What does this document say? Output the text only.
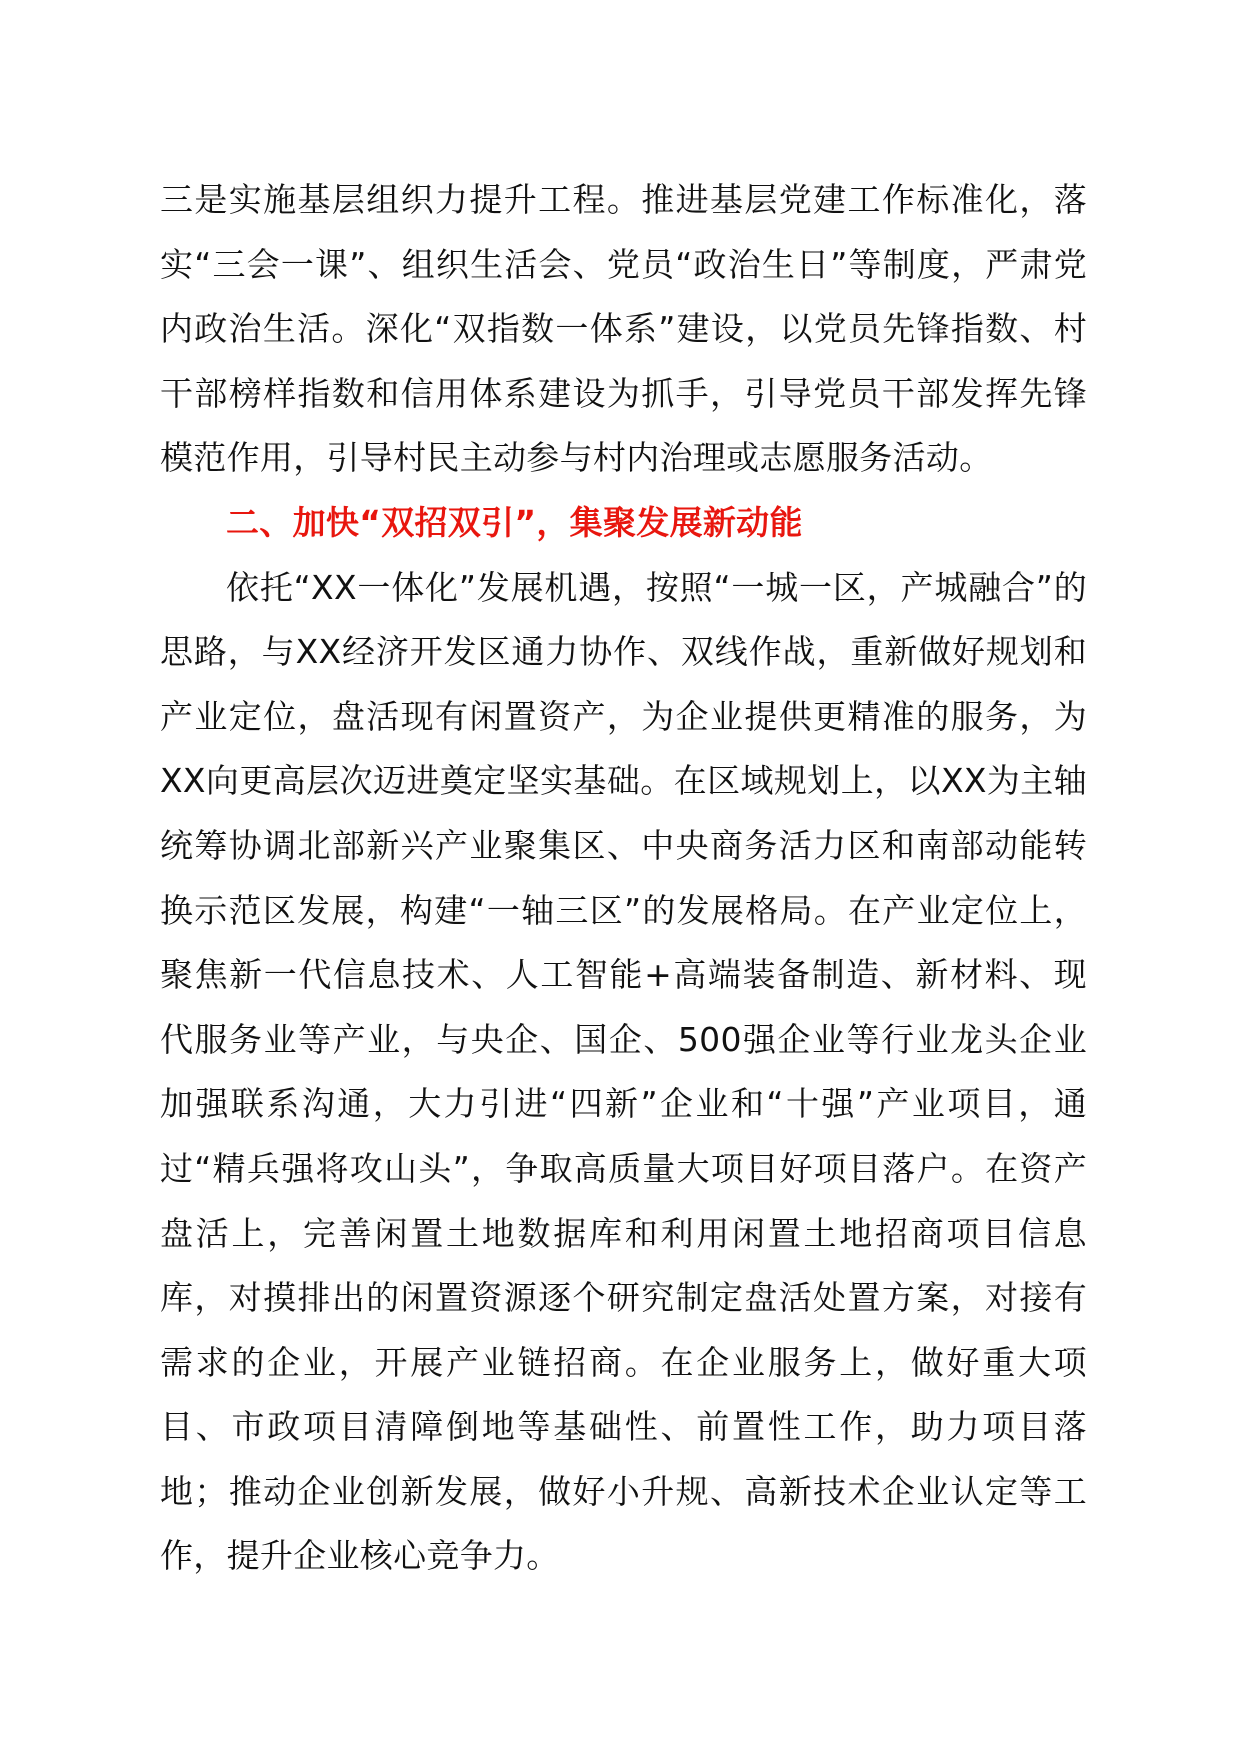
三是实施基层组织力提升工程。推进基层党建工作标准化，落实“三会一课”、组织生活会、党员“政治生日”等制度，严肃党内政治生活。深化“双指数一体系”建设，以党员先锋指数、村干部榜样指数和信用体系建设为抓手，引导党员干部发挥先锋模范作用，引导村民主动参与村内治理或志愿服务活动。

二、加快“双招双引”，集聚发展新动能

依托“XX一体化”发展机遇，按照“一城一区，产城融合”的思路，与XX经济开发区通力协作、双线作战，重新做好规划和产业定位，盘活现有闲置资产，为企业提供更精准的服务，为XX向更高层次迈进奠定坚实基础。在区域规划上，以XX为主轴统筹协调北部新兴产业聚集区、中央商务活力区和南部动能转换示范区发展，构建“一轴三区”的发展格局。在产业定位上，聚焦新一代信息技术、人工智能+高端装备制造、新材料、现代服务业等产业，与央企、国企、500强企业等行业龙头企业加强联系沟通，大力引进“四新”企业和“十强”产业项目，通过“精兵强将攻山头”，争取高质量大项目好项目落户。在资产盘活上，完善闲置土地数据库和利用闲置土地招商项目信息库，对摸排出的闲置资源逐个研究制定盘活处置方案，对接有需求的企业，开展产业链招商。在企业服务上，做好重大项目、市政项目清障倒地等基础性、前置性工作，助力项目落地；推动企业创新发展，做好小升规、高新技术企业认定等工作，提升企业核心竞争力。
